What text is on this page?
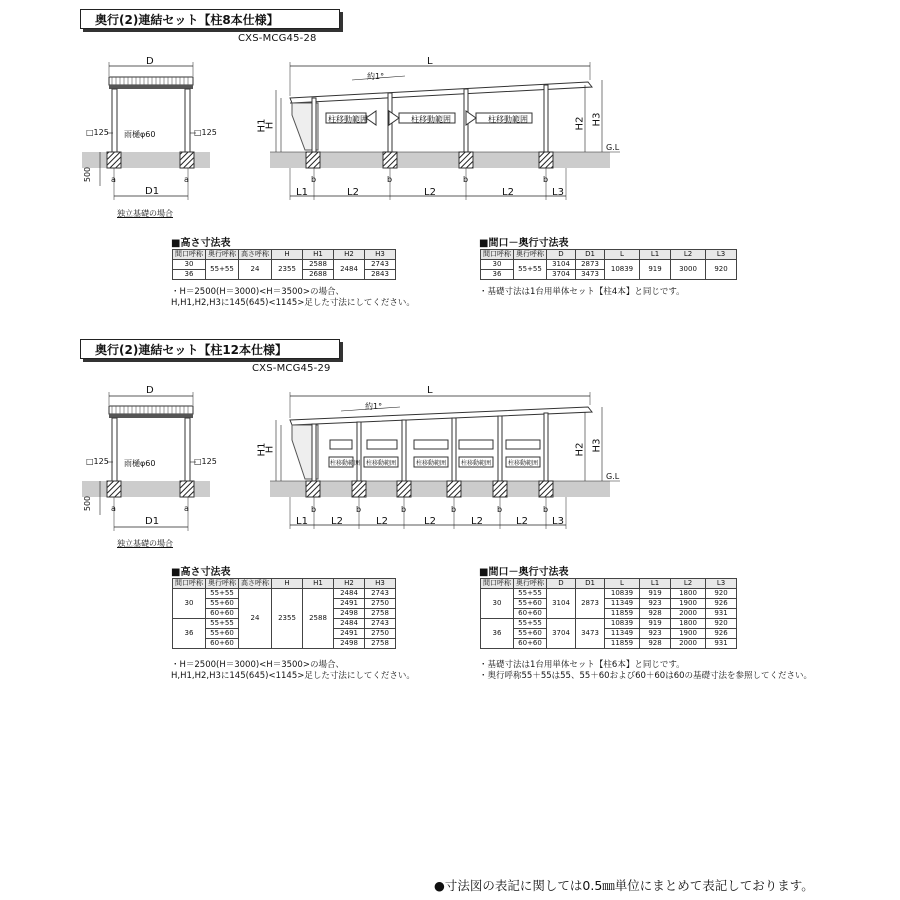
奥行(2)連結セット【柱8本仕様】
CXS-MCG45-28
D
□125	□125
雨樋φ60
500 a	a
D1
独立基礎の場合
L
約1°
H1
H	H2 H3
G.L
柱移動範囲	柱移動範囲	柱移動範囲
b	b	b	b
L1	L2	L2	L2	L3
■高さ寸法表
間口呼称	奥行呼称	高さ呼称	H	H1	H2	H3
30	55+55	24	2355	2588	2484	2743
36				2688		2843
・H＝2500(H＝3000)<H＝3500>の場合、
H,H1,H2,H3に145(645)<1145>足した寸法にしてください。
■間口－奥行寸法表
間口呼称	奥行呼称	D	D1	L	L1	L2	L3
30	55+55	3104	2873	10839	919	3000	920
36		3704	3473				
・基礎寸法は1台用単体セット【柱4本】と同じです。
奥行(2)連結セット【柱12本仕様】
CXS-MCG45-29
D
□125	□125
雨樋φ60
500 a	a
D1
独立基礎の場合
L
約1°
H1
H	H2 H3
G.L
柱移動範囲 柱移動範囲	柱移動範囲 柱移動範囲	柱移動範囲
b	b	b	b	b	b
L1 L2	L2	L2	L2	L2 L3
■高さ寸法表
間口呼称	奥行呼称	高さ呼称	H	H1	H2	H3
30	55+55	24	2355	2588	2484	2743
	55+60				2491	2750
	60+60				2498	2758
36	55+55				2484	2743
	55+60				2491	2750
	60+60				2498	2758
・H＝2500(H＝3000)<H＝3500>の場合、
H,H1,H2,H3に145(645)<1145>足した寸法にしてください。
■間口－奥行寸法表
間口呼称	奥行呼称	D	D1	L	L1	L2	L3
30	55+55	3104	2873	10839	919	1800	920
	55+60			11349	923	1900	926
	60+60			11859	928	2000	931
36	55+55	3704	3473	10839	919	1800	920
	55+60			11349	923	1900	926
	60+60			11859	928	2000	931
・基礎寸法は1台用単体セット【柱6本】と同じです。
・奥行呼称55＋55は55、55＋60および60＋60は60の基礎寸法を参照してください。
●寸法図の表記に関しては0.5㎜単位にまとめて表記しております。
